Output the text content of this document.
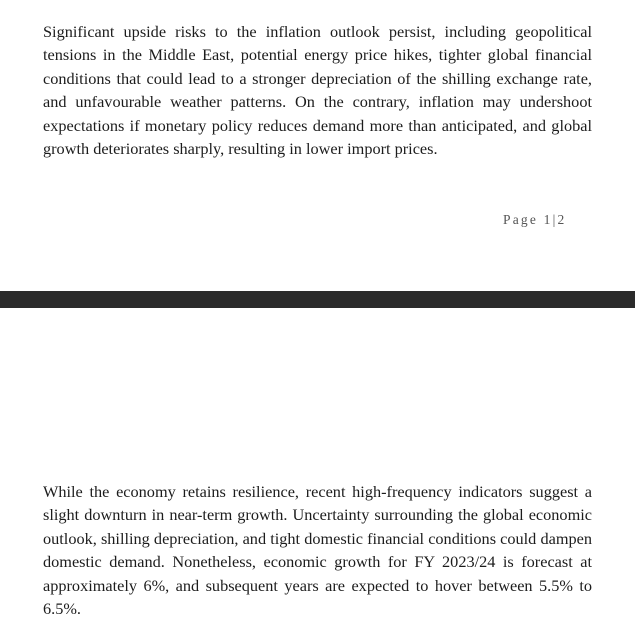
Significant upside risks to the inflation outlook persist, including geopolitical tensions in the Middle East, potential energy price hikes, tighter global financial conditions that could lead to a stronger depreciation of the shilling exchange rate, and unfavourable weather patterns. On the contrary, inflation may undershoot expectations if monetary policy reduces demand more than anticipated, and global growth deteriorates sharply, resulting in lower import prices.

Page 1|2

While the economy retains resilience, recent high-frequency indicators suggest a slight downturn in near-term growth. Uncertainty surrounding the global economic outlook, shilling depreciation, and tight domestic financial conditions could dampen domestic demand. Nonetheless, economic growth for FY 2023/24 is forecast at approximately 6%, and subsequent years are expected to hover between 5.5% to 6.5%.
